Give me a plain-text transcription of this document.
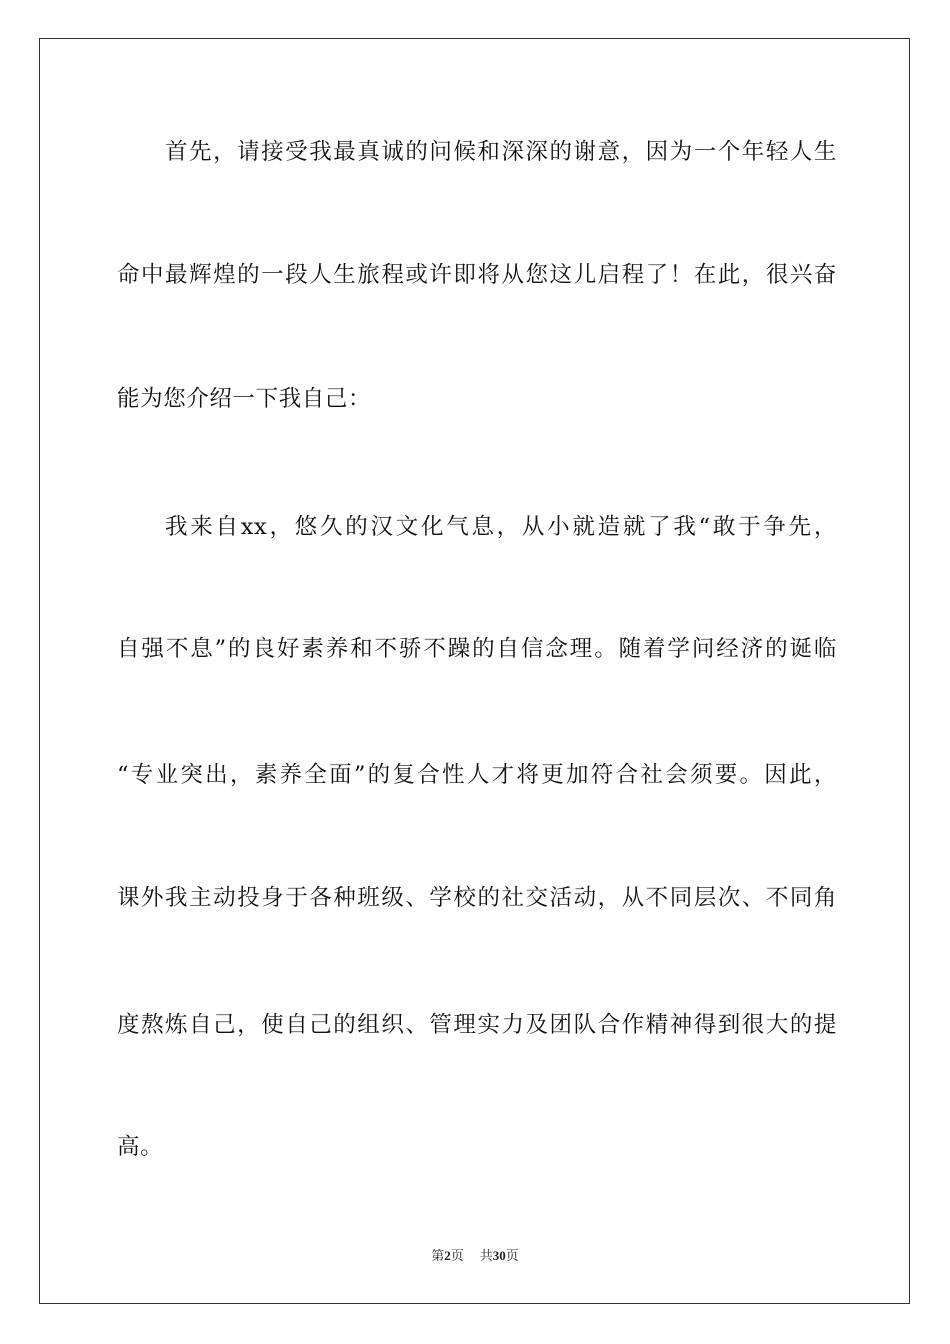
首先，请接受我最真诚的问候和深深的谢意，因为一个年轻人生
命中最辉煌的一段人生旅程或许即将从您这儿启程了！在此，很兴奋
能为您介绍一下我自己：
我来自xx，悠久的汉文化气息，从小就造就了我“敢于争先，
自强不息”的良好素养和不骄不躁的自信念理。随着学问经济的诞临
“专业突出，素养全面”的复合性人才将更加符合社会须要。因此，
课外我主动投身于各种班级、学校的社交活动，从不同层次、不同角
度熬炼自己，使自己的组织、管理实力及团队合作精神得到很大的提
高。
第2页 共30页
